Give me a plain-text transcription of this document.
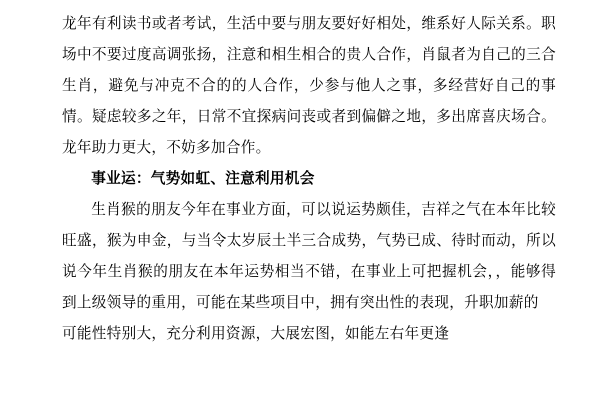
龙年有利读书或者考试，生活中要与朋友要好好相处，维系好人际关系。职场中不要过度高调张扬，注意和相生相合的贵人合作，肖鼠者为自己的三合生肖，避免与冲克不合的的人合作，少参与他人之事，多经营好自己的事情。疑虑较多之年，日常不宜探病问丧或者到偏僻之地，多出席喜庆场合。龙年助力更大，不妨多加合作。

事业运：气势如虹、注意利用机会

生肖猴的朋友今年在事业方面，可以说运势颇佳，吉祥之气在本年比较旺盛，猴为申金，与当令太岁辰土半三合成势，气势已成、待时而动，所以说今年生肖猴的朋友在本年运势相当不错，在事业上可把握机会，，能够得到上级领导的重用，可能在某些项目中，拥有突出性的表现，升职加薪的

可能性特别大，充分利用资源，大展宏图，如能左右年更逢
